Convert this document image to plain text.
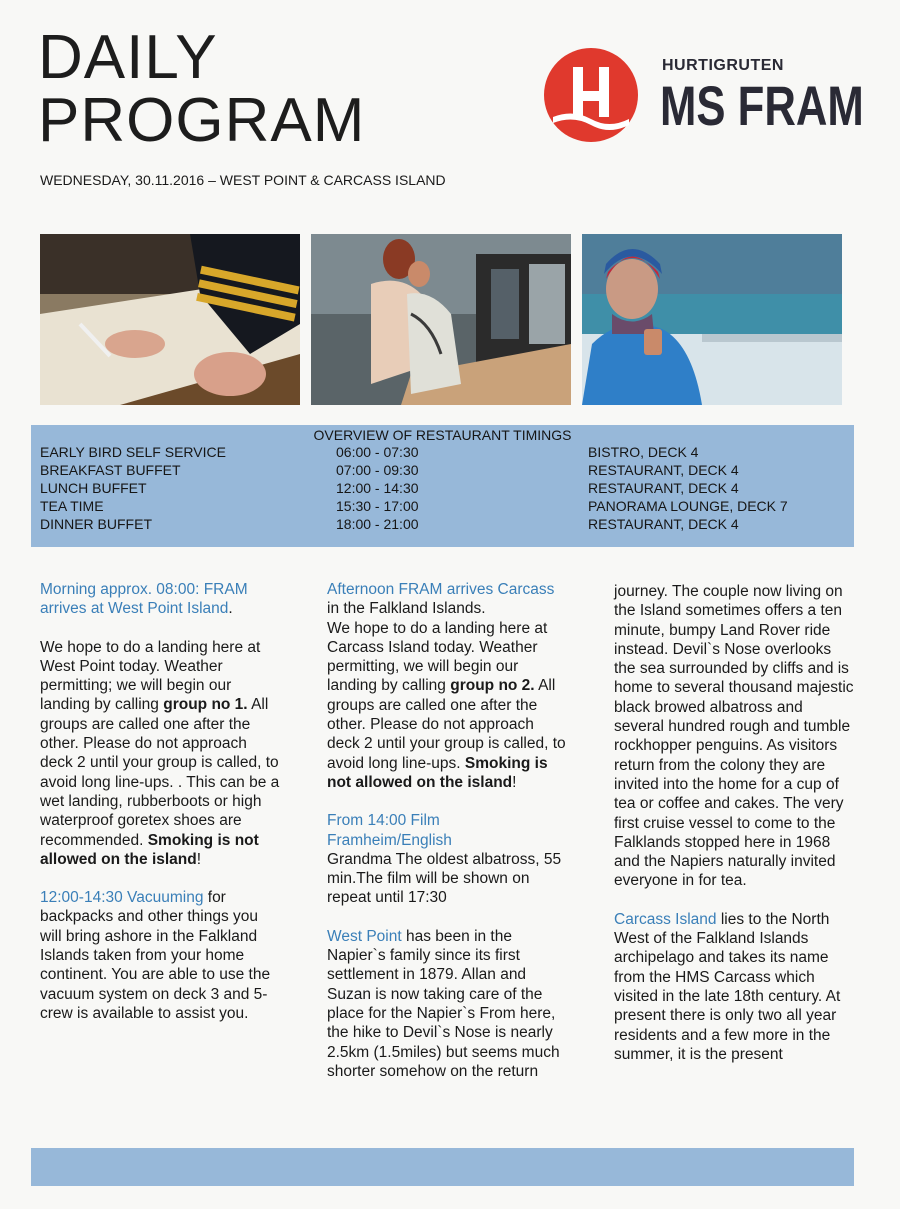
DAILY
PROGRAM
WEDNESDAY, 30.11.2016 – WEST POINT & CARCASS ISLAND
HURTIGRUTEN
MS FRAM
OVERVIEW OF RESTAURANT TIMINGS
EARLY BIRD SELF SERVICE	06:00 - 07:30	BISTRO, DECK 4
BREAKFAST BUFFET	07:00 - 09:30	RESTAURANT, DECK 4
LUNCH BUFFET	12:00 - 14:30	RESTAURANT, DECK 4
TEA TIME	15:30 - 17:00	PANORAMA LOUNGE, DECK 7
DINNER BUFFET	18:00 - 21:00	RESTAURANT, DECK 4

Morning approx. 08:00: FRAM arrives at West Point Island.

We hope to do a landing here at West Point today. Weather permitting; we will begin our landing by calling group no 1. All groups are called one after the other. Please do not approach deck 2 until your group is called, to avoid long line-ups. . This can be a wet landing, rubberboots or high waterproof goretex shoes are recommended. Smoking is not allowed on the island!

12:00-14:30 Vacuuming for backpacks and other things you will bring ashore in the Falkland Islands taken from your home continent. You are able to use the vacuum system on deck 3 and 5- crew is available to assist you.

Afternoon FRAM arrives Carcass in the Falkland Islands.
We hope to do a landing here at Carcass Island today. Weather permitting, we will begin our landing by calling group no 2. All groups are called one after the other. Please do not approach deck 2 until your group is called, to avoid long line-ups. Smoking is not allowed on the island!

From 14:00 Film Framheim/English
Grandma The oldest albatross, 55 min.The film will be shown on repeat until 17:30

West Point has been in the Napier`s family since its first settlement in 1879. Allan and Suzan is now taking care of the place for the Napier`s From here, the hike to Devil`s Nose is nearly 2.5km (1.5miles) but seems much shorter somehow on the return

journey. The couple now living on the Island sometimes offers a ten minute, bumpy Land Rover ride instead. Devil`s Nose overlooks the sea surrounded by cliffs and is home to several thousand majestic black browed albatross and several hundred rough and tumble rockhopper penguins. As visitors return from the colony they are invited into the home for a cup of tea or coffee and cakes. The very first cruise vessel to come to the Falklands stopped here in 1968 and the Napiers naturally invited everyone in for tea.

Carcass Island lies to the North West of the Falkland Islands archipelago and takes its name from the HMS Carcass which visited in the late 18th century. At present there is only two all year residents and a few more in the summer, it is the present
